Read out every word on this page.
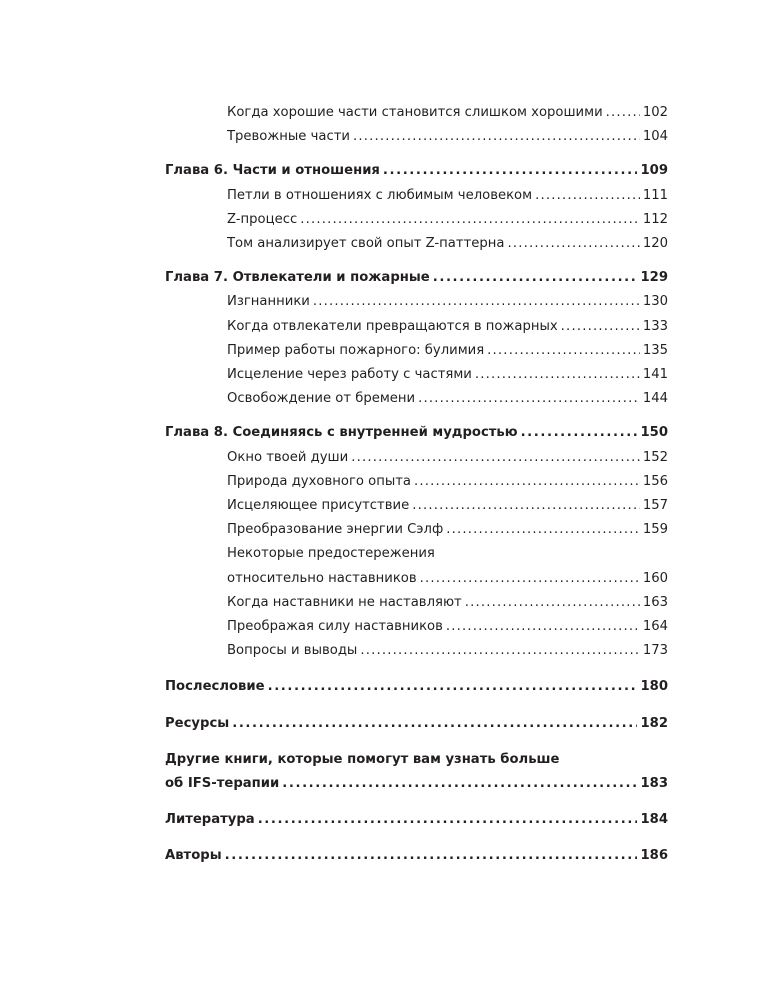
Когда хорошие части становится слишком хорошими . . .	102
Тревожные части . . .	104
Глава 6. Части и отношения . . .	109
Петли в отношениях с любимым человеком . . .	111
Z-процесс . . .	112
Том анализирует свой опыт Z-паттерна . . .	120
Глава 7. Отвлекатели и пожарные . . .	129
Изгнанники . . .	130
Когда отвлекатели превращаются в пожарных . . .	133
Пример работы пожарного: булимия . . .	135
Исцеление через работу с частями . . .	141
Освобождение от бремени . . .	144
Глава 8. Соединяясь с внутренней мудростью . . .	150
Окно твоей души . . .	152
Природа духовного опыта . . .	156
Исцеляющее присутствие . . .	157
Преобразование энергии Сэлф . . .	159
Некоторые предостережения
относительно наставников . . .	160
Когда наставники не наставляют . . .	163
Преображая силу наставников . . .	164
Вопросы и выводы . . .	173
Послесловие . . .	180
Ресурсы . . .	182
Другие книги, которые помогут вам узнать больше
об IFS-терапии . . .	183
Литература . . .	184
Авторы . . .	186
